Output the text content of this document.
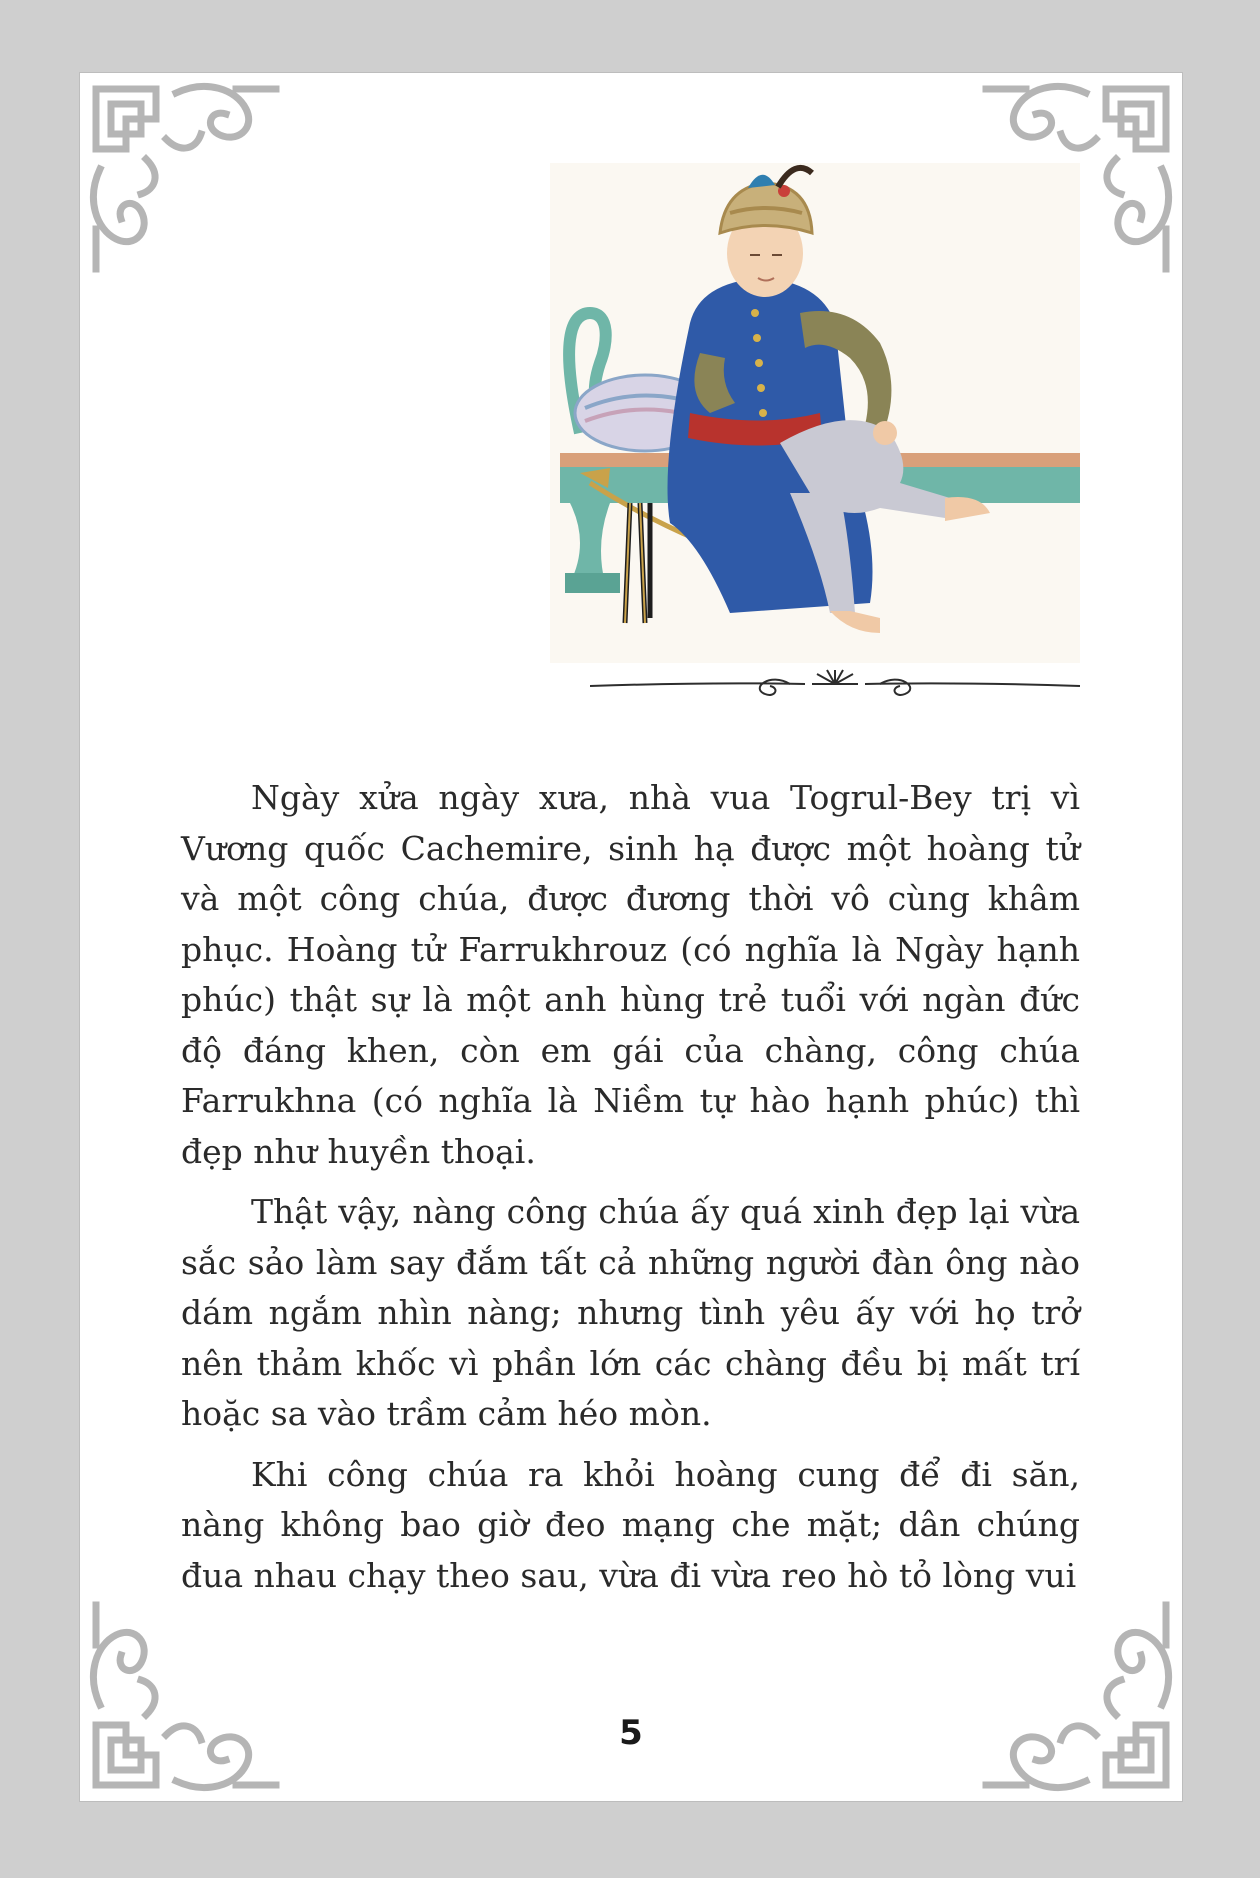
Ngày xửa ngày xưa, nhà vua Togrul-Bey trị vì Vương quốc Cachemire, sinh hạ được một hoàng tử và một công chúa, được đương thời vô cùng khâm phục. Hoàng tử Farrukhrouz (có nghĩa là Ngày hạnh phúc) thật sự là một anh hùng trẻ tuổi với ngàn đức độ đáng khen, còn em gái của chàng, công chúa Farrukhna (có nghĩa là Niềm tự hào hạnh phúc) thì đẹp như huyền thoại.

Thật vậy, nàng công chúa ấy quá xinh đẹp lại vừa sắc sảo làm say đắm tất cả những người đàn ông nào dám ngắm nhìn nàng; nhưng tình yêu ấy với họ trở nên thảm khốc vì phần lớn các chàng đều bị mất trí hoặc sa vào trầm cảm héo mòn.

Khi công chúa ra khỏi hoàng cung để đi săn, nàng không bao giờ đeo mạng che mặt; dân chúng đua nhau chạy theo sau, vừa đi vừa reo hò tỏ lòng vui

5
